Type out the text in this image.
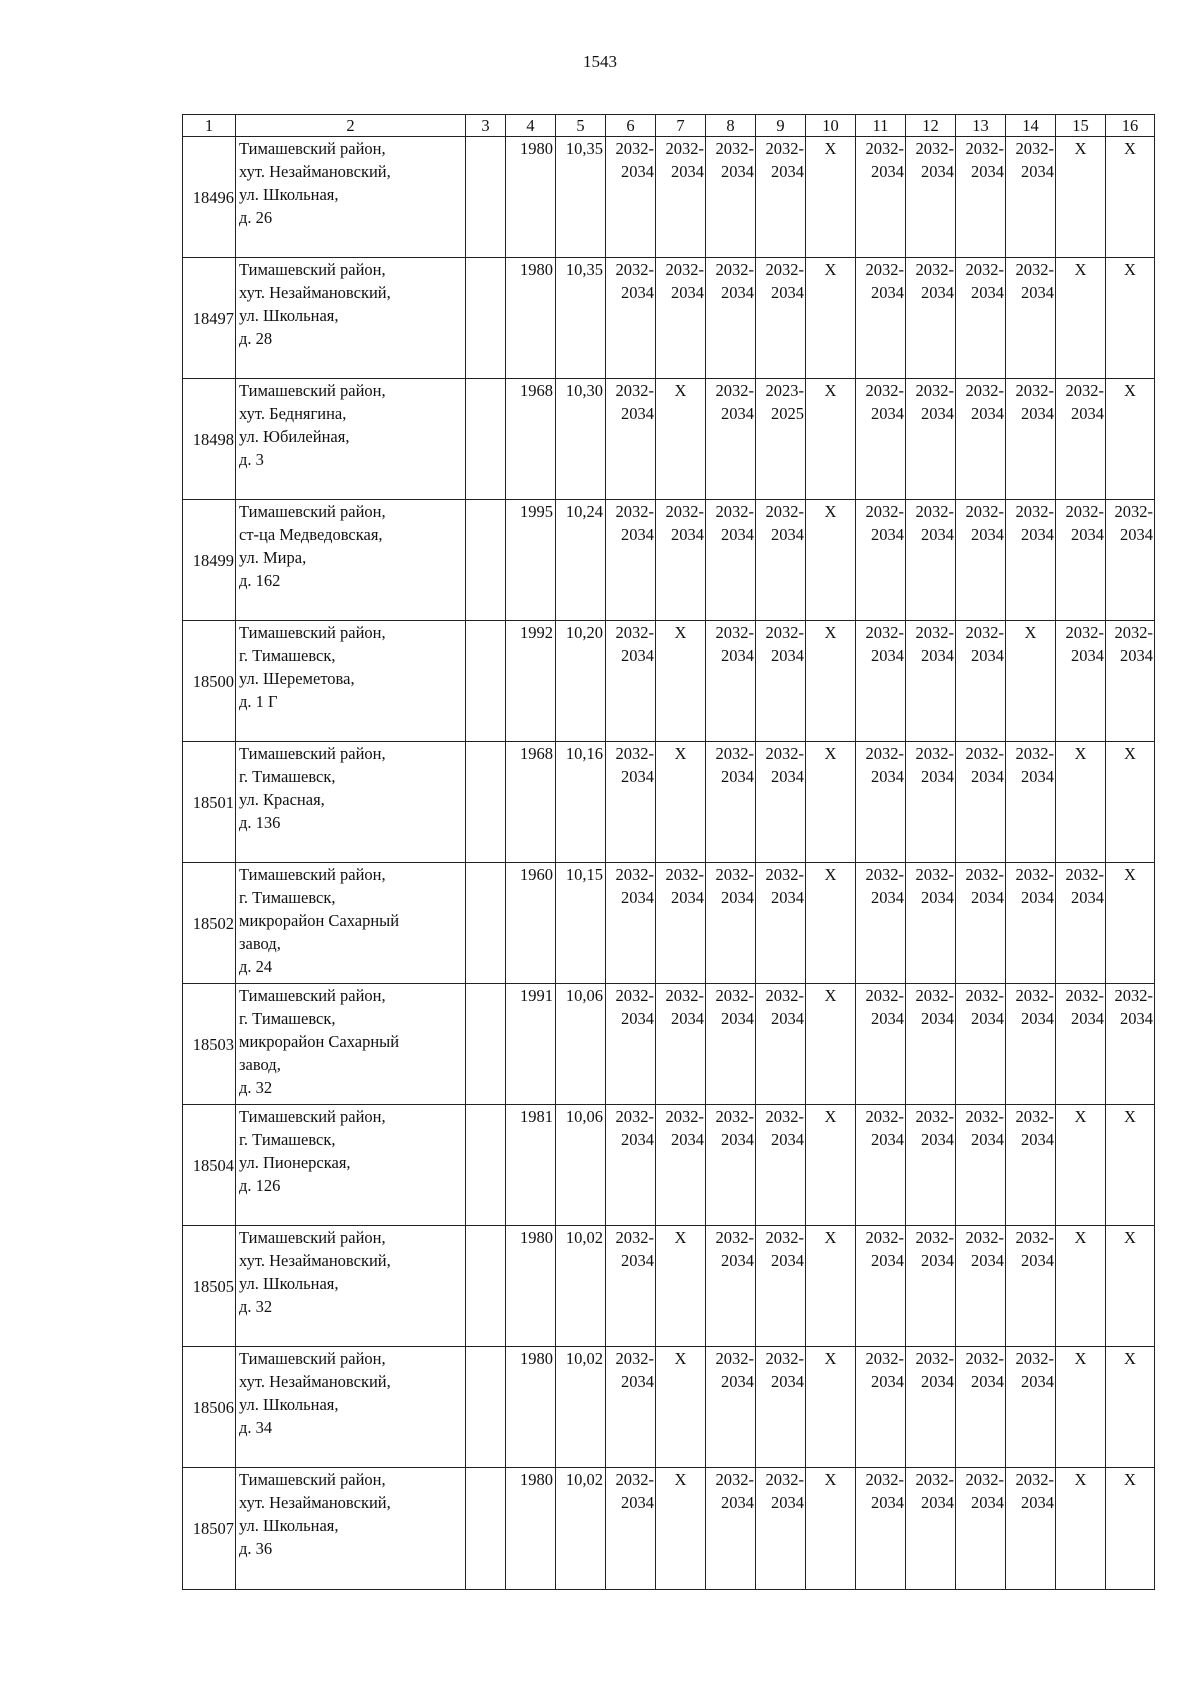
1543
1	2	3	4	5	6	7	8	9	10	11	12	13	14	15	16
18496	Тимашевский район,
хут. Незаймановский,
ул. Школьная,
д. 26		1980	10,35	2032-2034	2032-2034	2032-2034	2032-2034	Х	2032-2034	2032-2034	2032-2034	2032-2034	Х	Х
18497	Тимашевский район,
хут. Незаймановский,
ул. Школьная,
д. 28		1980	10,35	2032-2034	2032-2034	2032-2034	2032-2034	Х	2032-2034	2032-2034	2032-2034	2032-2034	Х	Х
18498	Тимашевский район,
хут. Беднягина,
ул. Юбилейная,
д. 3		1968	10,30	2032-2034	Х	2032-2034	2023-2025	Х	2032-2034	2032-2034	2032-2034	2032-2034	2032-2034	Х
18499	Тимашевский район,
ст-ца Медведовская,
ул. Мира,
д. 162		1995	10,24	2032-2034	2032-2034	2032-2034	2032-2034	Х	2032-2034	2032-2034	2032-2034	2032-2034	2032-2034	2032-2034
18500	Тимашевский район,
г. Тимашевск,
ул. Шереметова,
д. 1 Г		1992	10,20	2032-2034	Х	2032-2034	2032-2034	Х	2032-2034	2032-2034	2032-2034	Х	2032-2034	2032-2034
18501	Тимашевский район,
г. Тимашевск,
ул. Красная,
д. 136		1968	10,16	2032-2034	Х	2032-2034	2032-2034	Х	2032-2034	2032-2034	2032-2034	2032-2034	Х	Х
18502	Тимашевский район,
г. Тимашевск,
микрорайон Сахарный
завод,
д. 24		1960	10,15	2032-2034	2032-2034	2032-2034	2032-2034	Х	2032-2034	2032-2034	2032-2034	2032-2034	2032-2034	Х
18503	Тимашевский район,
г. Тимашевск,
микрорайон Сахарный
завод,
д. 32		1991	10,06	2032-2034	2032-2034	2032-2034	2032-2034	Х	2032-2034	2032-2034	2032-2034	2032-2034	2032-2034	2032-2034
18504	Тимашевский район,
г. Тимашевск,
ул. Пионерская,
д. 126		1981	10,06	2032-2034	2032-2034	2032-2034	2032-2034	Х	2032-2034	2032-2034	2032-2034	2032-2034	Х	Х
18505	Тимашевский район,
хут. Незаймановский,
ул. Школьная,
д. 32		1980	10,02	2032-2034	Х	2032-2034	2032-2034	Х	2032-2034	2032-2034	2032-2034	2032-2034	Х	Х
18506	Тимашевский район,
хут. Незаймановский,
ул. Школьная,
д. 34		1980	10,02	2032-2034	Х	2032-2034	2032-2034	Х	2032-2034	2032-2034	2032-2034	2032-2034	Х	Х
18507	Тимашевский район,
хут. Незаймановский,
ул. Школьная,
д. 36		1980	10,02	2032-2034	Х	2032-2034	2032-2034	Х	2032-2034	2032-2034	2032-2034	2032-2034	Х	Х
